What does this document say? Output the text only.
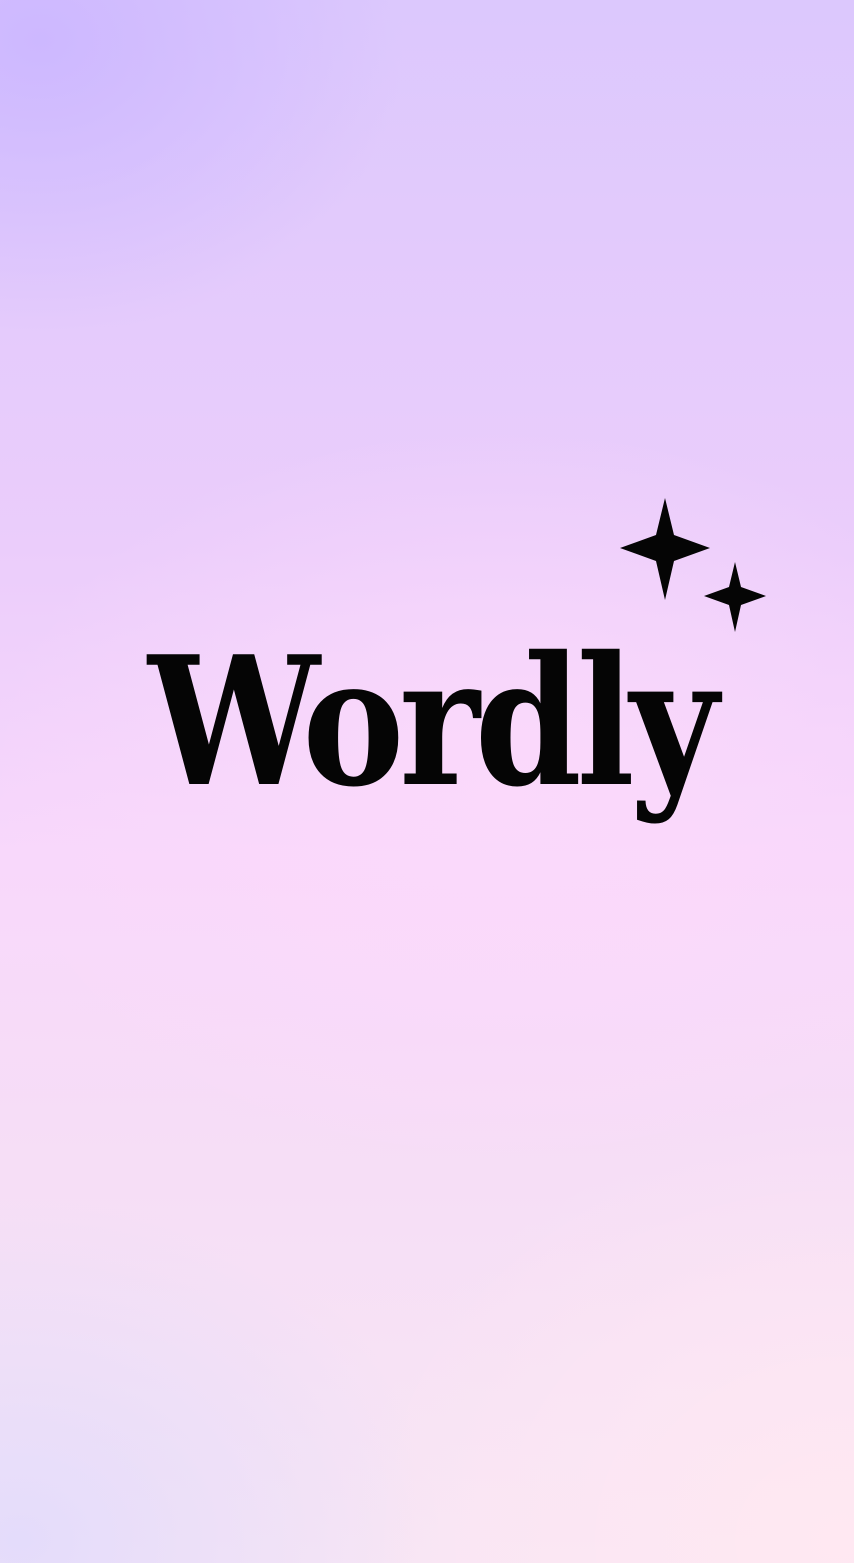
Wordly
